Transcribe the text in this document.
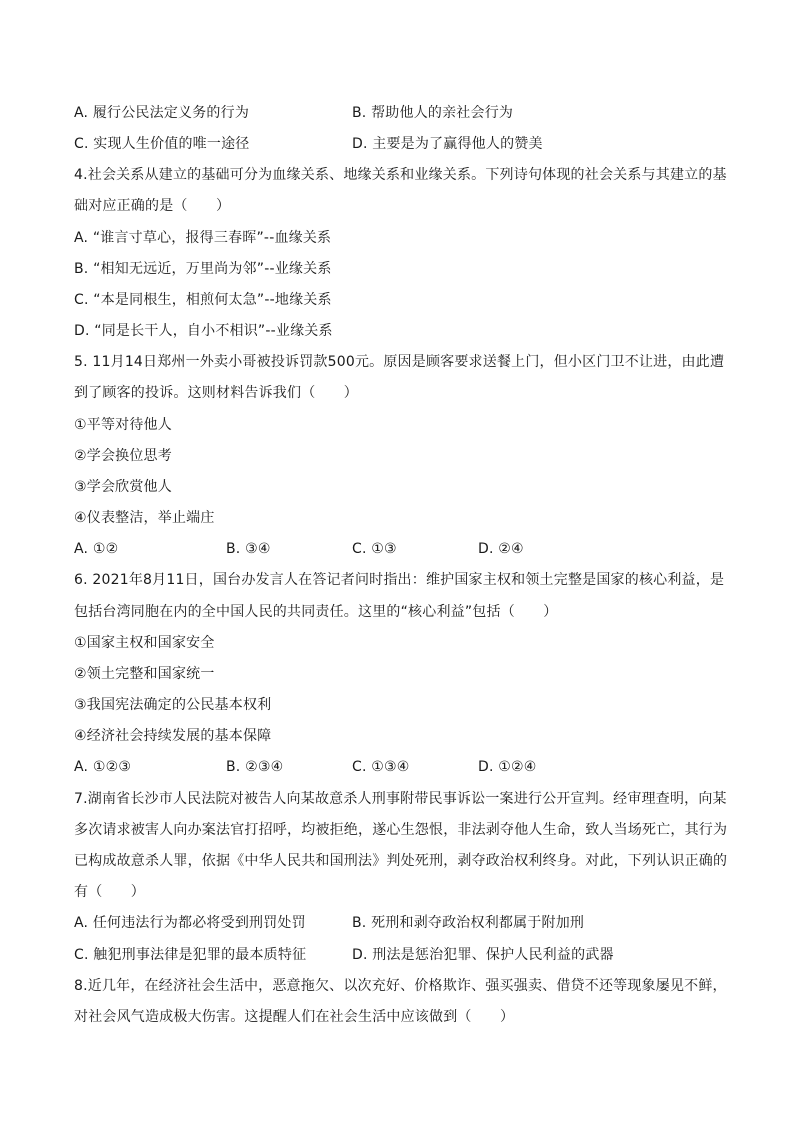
A. 履行公民法定义务的行为	B. 帮助他人的亲社会行为
C. 实现人生价值的唯一途径	D. 主要是为了赢得他人的赞美
4.社会关系从建立的基础可分为血缘关系、地缘关系和业缘关系。下列诗句体现的社会关系与其建立的基
础对应正确的是（　　）
A. “谁言寸草心，报得三春晖”--血缘关系
B. “相知无远近，万里尚为邻”--业缘关系
C. “本是同根生，相煎何太急”--地缘关系
D. “同是长干人，自小不相识”--业缘关系
5. 11月14日郑州一外卖小哥被投诉罚款500元。原因是顾客要求送餐上门，但小区门卫不让进，由此遭
到了顾客的投诉。这则材料告诉我们（　　）
①平等对待他人
②学会换位思考
③学会欣赏他人
④仪表整洁，举止端庄
A. ①②	B. ③④	C. ①③	D. ②④
6. 2021年8月11日，国台办发言人在答记者问时指出：维护国家主权和领土完整是国家的核心利益，是
包括台湾同胞在内的全中国人民的共同责任。这里的“核心利益”包括（　　）
①国家主权和国家安全
②领土完整和国家统一
③我国宪法确定的公民基本权利
④经济社会持续发展的基本保障
A. ①②③	B. ②③④	C. ①③④	D. ①②④
7.湖南省长沙市人民法院对被告人向某故意杀人刑事附带民事诉讼一案进行公开宣判。经审理查明，向某
多次请求被害人向办案法官打招呼，均被拒绝，遂心生怨恨，非法剥夺他人生命，致人当场死亡，其行为
已构成故意杀人罪，依据《中华人民共和国刑法》判处死刑，剥夺政治权利终身。对此，下列认识正确的
有（　　）
A. 任何违法行为都必将受到刑罚处罚	B. 死刑和剥夺政治权利都属于附加刑
C. 触犯刑事法律是犯罪的最本质特征	D. 刑法是惩治犯罪、保护人民利益的武器
8.近几年，在经济社会生活中，恶意拖欠、以次充好、价格欺诈、强买强卖、借贷不还等现象屡见不鲜，
对社会风气造成极大伤害。这提醒人们在社会生活中应该做到（　　）
